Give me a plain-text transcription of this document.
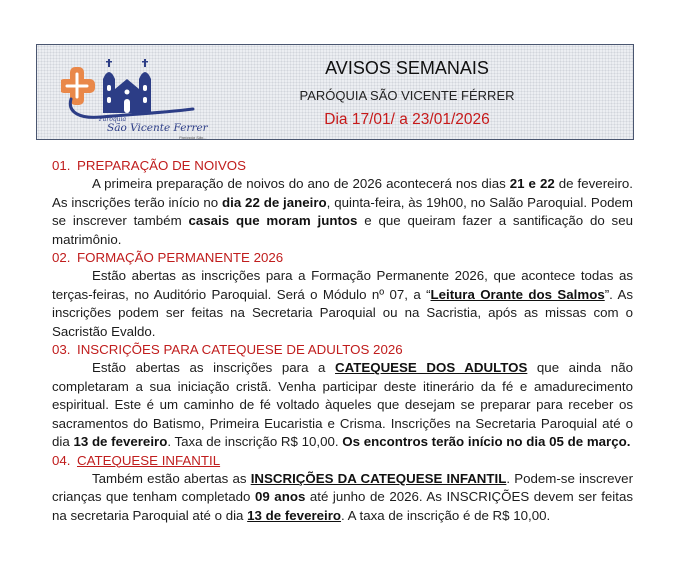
Paróquia
São Vicente Ferrer
Paróquia São...
AVISOS SEMANAIS
PARÓQUIA SÃO VICENTE FÉRRER
Dia 17/01/ a 23/01/2026
01. PREPARAÇÃO DE NOIVOS

A primeira preparação de noivos do ano de 2026 acontecerá nos dias 21 e 22 de fevereiro. As inscrições terão início no dia 22 de janeiro, quinta-feira, às 19h00, no Salão Paroquial. Podem se inscrever também casais que moram juntos e que queiram fazer a santificação do seu matrimônio.

02. FORMAÇÃO PERMANENTE 2026

Estão abertas as inscrições para a Formação Permanente 2026, que acontece todas as terças-feiras, no Auditório Paroquial. Será o Módulo nº 07, a “Leitura Orante dos Salmos”. As inscrições podem ser feitas na Secretaria Paroquial ou na Sacristia, após as missas com o Sacristão Evaldo.

03. INSCRIÇÕES PARA CATEQUESE DE ADULTOS 2026

Estão abertas as inscrições para a CATEQUESE DOS ADULTOS que ainda não completaram a sua iniciação cristã. Venha participar deste itinerário da fé e amadurecimento espiritual. Este é um caminho de fé voltado àqueles que desejam se preparar para receber os sacramentos do Batismo, Primeira Eucaristia e Crisma. Inscrições na Secretaria Paroquial até o dia 13 de fevereiro. Taxa de inscrição R$ 10,00. Os encontros terão início no dia 05 de março.

04. CATEQUESE INFANTIL

Também estão abertas as INSCRIÇÕES DA CATEQUESE INFANTIL. Podem-se inscrever crianças que tenham completado 09 anos até junho de 2026. As INSCRIÇÕES devem ser feitas na secretaria Paroquial até o dia 13 de fevereiro. A taxa de inscrição é de R$ 10,00.
